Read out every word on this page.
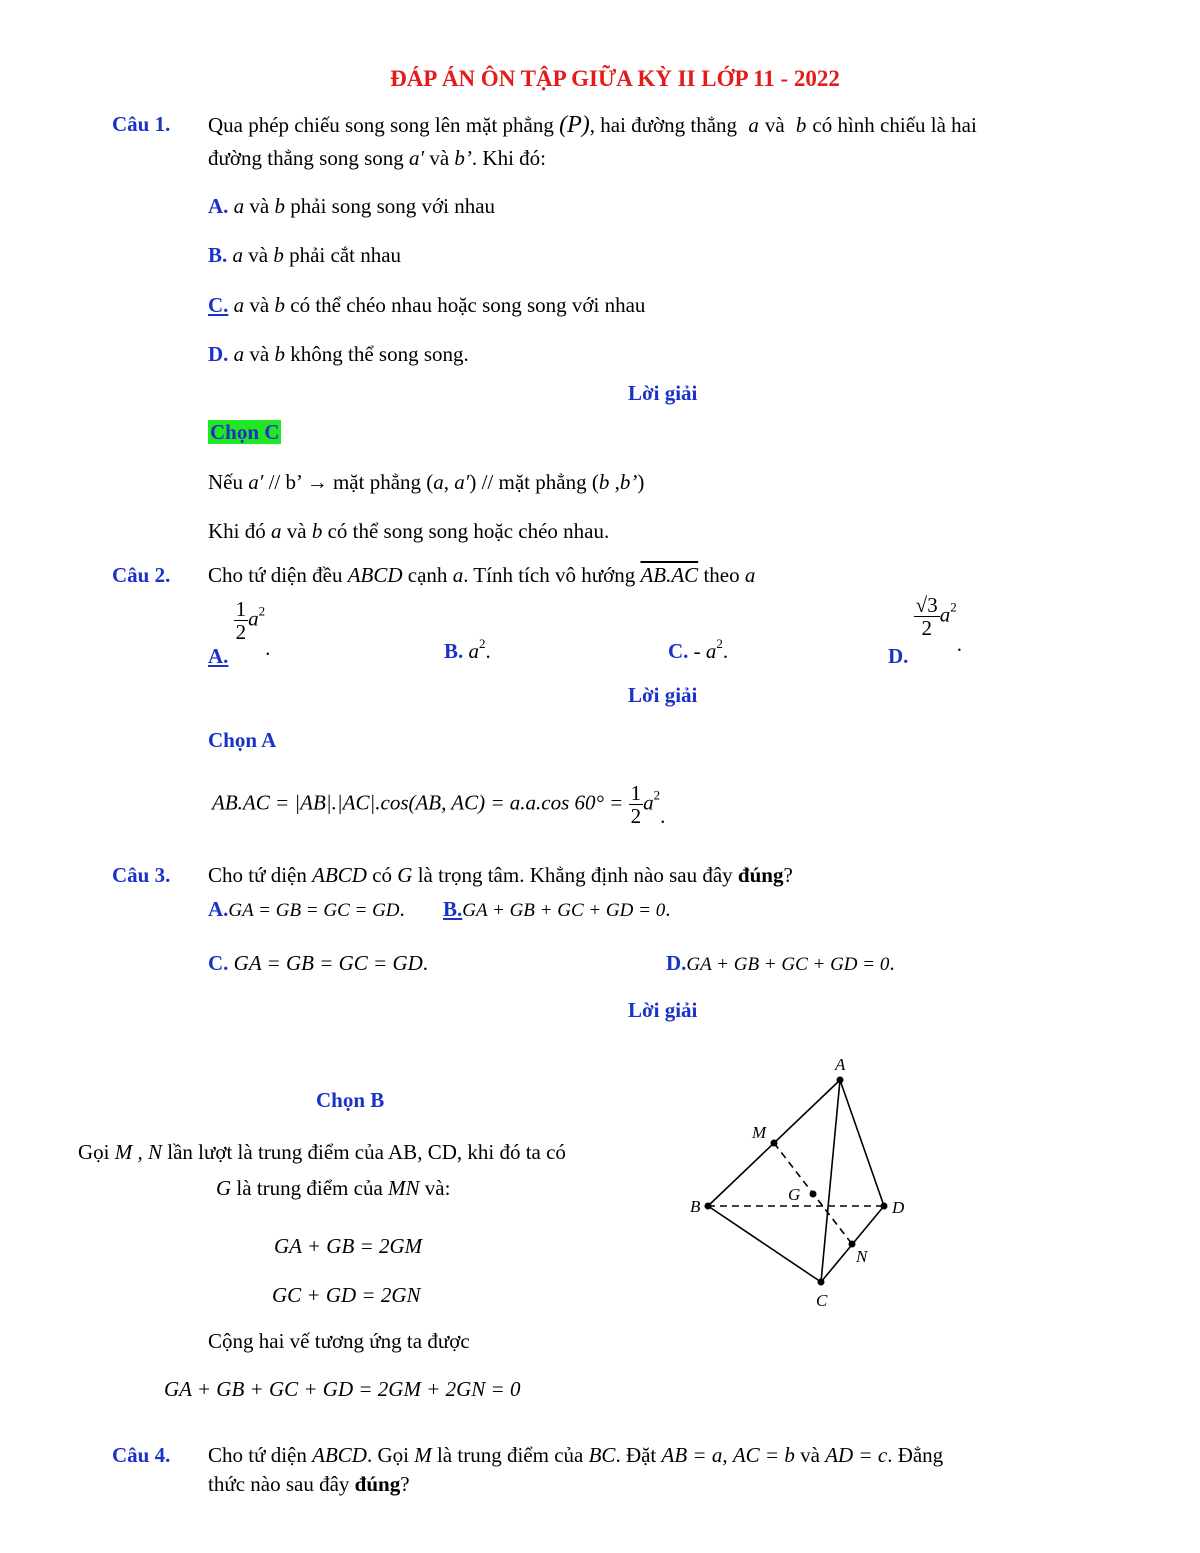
ĐÁP ÁN ÔN TẬP GIỮA KỲ II LỚP 11 - 2022
Câu 1. Qua phép chiếu song song lên mặt phẳng (P), hai đường thẳng a và b có hình chiếu là hai
đường thẳng song song a′ và b’. Khi đó:
A. a và b phải song song với nhau
B. a và b phải cắt nhau
C. a và b có thể chéo nhau hoặc song song với nhau
D. a và b không thể song song.
Lời giải
Chọn C
Nếu a′ // b’ → mặt phẳng (a, a′) // mặt phẳng (b ,b’)
Khi đó a và b có thể song song hoặc chéo nhau.
Câu 2. Cho tứ diện đều ABCD cạnh a. Tính tích vô hướng AB.AC theo a
A.
$\frac{1}{2} a^2$.	B. $a^2$.	C. - $a^2$.	D.
$\frac{√3}{2} a^2$.
Lời giải
Chọn A
AB.AC = |AB|.|AC|.cos(AB, AC) = a.a.cos $60^\circ = \frac{1}{2} a^2$.
Câu 3. Cho tứ diện ABCD có G là trọng tâm. Khẳng định nào sau đây đúng?
A.GA = GB = GC = GD. B.GA + GB + GC + GD = 0.
C. GA = GB = GC = GD.	D.GA + GB + GC + GD = 0.
Lời giải
Chọn B
Gọi M , N lần lượt là trung điểm của AB, CD, khi đó ta có
G là trung điểm của MN và:
GA + GB = 2GM
GC + GD = 2GN
Cộng hai vế tương ứng ta được
GA + GB + GC + GD = 2GM + 2GN = 0
A
B
C
D
M
N
G
Câu 4. Cho tứ diện ABCD. Gọi M là trung điểm của BC. Đặt AB = a, AC = b và AD = c. Đẳng
thức nào sau đây đúng?
